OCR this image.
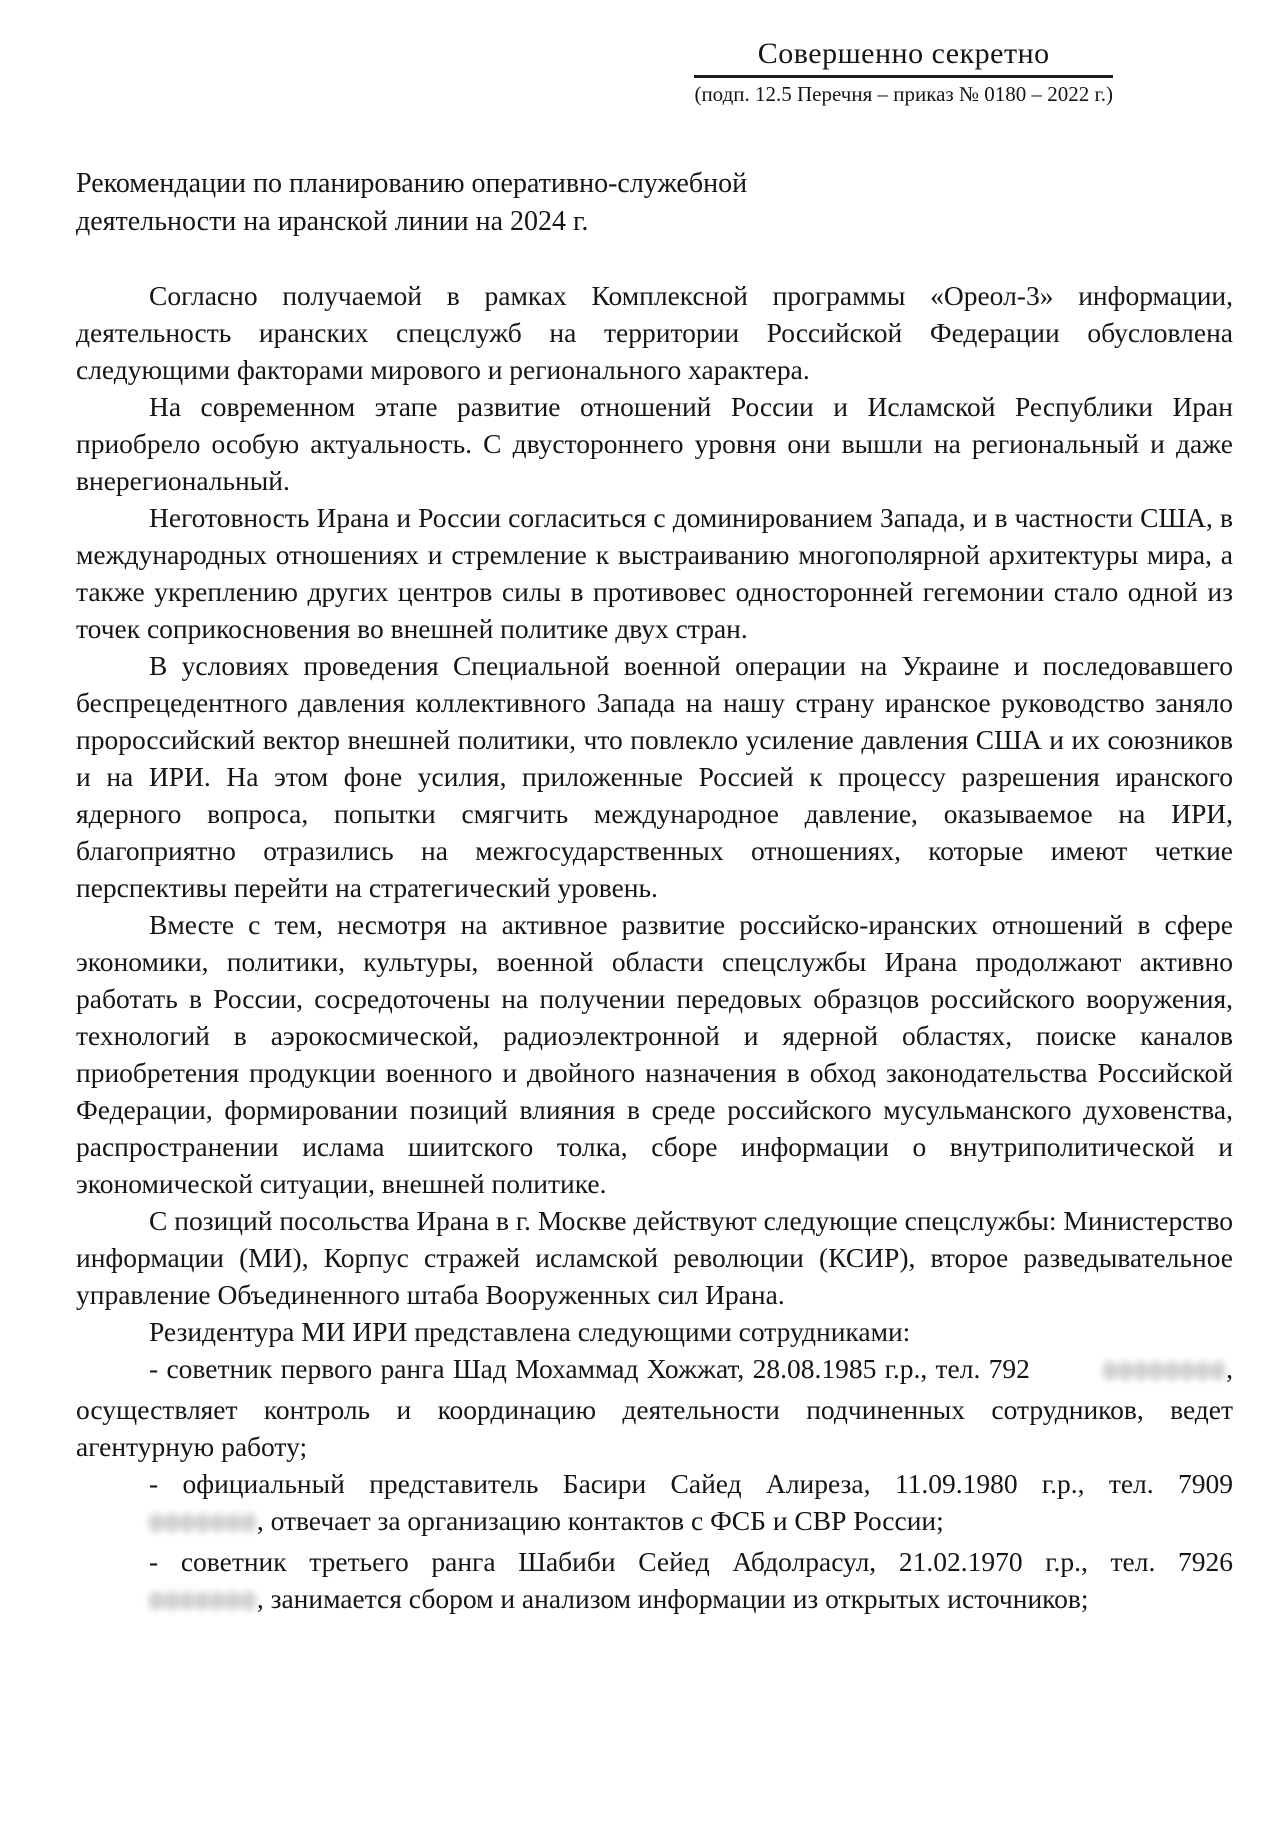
Совершенно секретно
(подп. 12.5 Перечня – приказ № 0180 – 2022 г.)
Рекомендации по планированию оперативно-служебной
деятельности на иранской линии на 2024 г.

Согласно получаемой в рамках Комплексной программы «Ореол-3» информации, деятельность иранских спецслужб на территории Российской Федерации обусловлена следующими факторами мирового и регионального характера.

На современном этапе развитие отношений России и Исламской Республики Иран приобрело особую актуальность. С двустороннего уровня они вышли на региональный и даже внерегиональный.

Неготовность Ирана и России согласиться с доминированием Запада, и в частности США, в международных отношениях и стремление к выстраиванию многополярной архитектуры мира, а также укреплению других центров силы в противовес односторонней гегемонии стало одной из точек соприкосновения во внешней политике двух стран.

В условиях проведения Специальной военной операции на Украине и последовавшего беспрецедентного давления коллективного Запада на нашу страну иранское руководство заняло пророссийский вектор внешней политики, что повлекло усиление давления США и их союзников и на ИРИ. На этом фоне усилия, приложенные Россией к процессу разрешения иранского ядерного вопроса, попытки смягчить международное давление, оказываемое на ИРИ, благоприятно отразились на межгосударственных отношениях, которые имеют четкие перспективы перейти на стратегический уровень.

Вместе с тем, несмотря на активное развитие российско-иранских отношений в сфере экономики, политики, культуры, военной области спецслужбы Ирана продолжают активно работать в России, сосредоточены на получении передовых образцов российского вооружения, технологий в аэрокосмической, радиоэлектронной и ядерной областях, поиске каналов приобретения продукции военного и двойного назначения в обход законодательства Российской Федерации, формировании позиций влияния в среде российского мусульманского духовенства, распространении ислама шиитского толка, сборе информации о внутриполитической и экономической ситуации, внешней политике.

С позиций посольства Ирана в г. Москве действуют следующие спецслужбы: Министерство информации (МИ), Корпус стражей исламской революции (КСИР), второе разведывательное управление Объединенного штаба Вооруженных сил Ирана.

Резидентура МИ ИРИ представлена следующими сотрудниками:

- советник первого ранга Шад Мохаммад Хожжат, 28.08.1985 г.р., тел. 792	00000000, осуществляет контроль и координацию деятельности подчиненных сотрудников, ведет агентурную работу;

- официальный представитель Басири Сайед Алиреза, 11.09.1980 г.р., тел. 79090000000, отвечает за организацию контактов с ФСБ и СВР России;

- советник третьего ранга Шабиби Сейед Абдолрасул, 21.02.1970 г.р., тел. 79260000000, занимается сбором и анализом информации из открытых источников;
